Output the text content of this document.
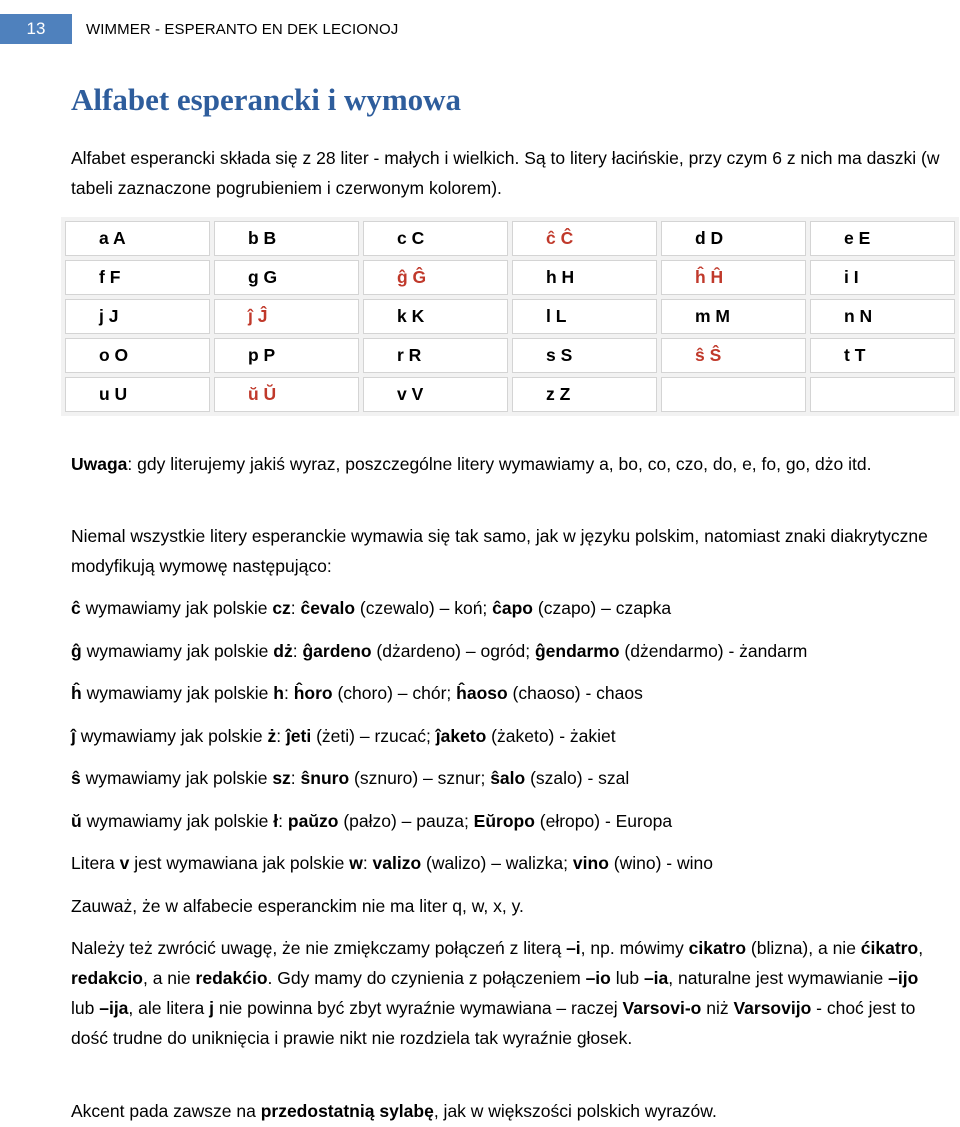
13	WIMMER - ESPERANTO EN DEK LECIONOJ
Alfabet esperancki i wymowa

Alfabet esperancki składa się z 28 liter - małych i wielkich. Są to litery łacińskie, przy czym 6 z nich ma daszki (w tabeli zaznaczone pogrubieniem i czerwonym kolorem).

a A	b B	c C	ĉ Ĉ	d D	e E
f F	g G	ĝ Ĝ	h H	ĥ Ĥ	i I
j J	ĵ Ĵ	k K	l L	m M	n N
o O	p P	r R	s S	ŝ Ŝ	t T
u U	ŭ Ŭ	v V	z Z		

Uwaga: gdy literujemy jakiś wyraz, poszczególne litery wymawiamy a, bo, co, czo, do, e, fo, go, dżo itd.

Niemal wszystkie litery esperanckie wymawia się tak samo, jak w języku polskim, natomiast znaki diakrytyczne modyfikują wymowę następująco:

ĉ wymawiamy jak polskie cz: ĉevalo (czewalo) – koń; ĉapo (czapo) – czapka

ĝ wymawiamy jak polskie dż: ĝardeno (dżardeno) – ogród; ĝendarmo (dżendarmo) - żandarm

ĥ wymawiamy jak polskie h: ĥoro (choro) – chór; ĥaoso (chaoso) - chaos

ĵ wymawiamy jak polskie ż: ĵeti (żeti) – rzucać; ĵaketo (żaketo) - żakiet

ŝ wymawiamy jak polskie sz: ŝnuro (sznuro) – sznur; ŝalo (szalo) - szal

ŭ wymawiamy jak polskie ł: paŭzo (pałzo) – pauza; Eŭropo (ełropo) - Europa

Litera v jest wymawiana jak polskie w: valizo (walizo) – walizka; vino (wino) - wino

Zauważ, że w alfabecie esperanckim nie ma liter q, w, x, y.

Należy też zwrócić uwagę, że nie zmiękczamy połączeń z literą –i, np. mówimy cikatro (blizna), a nie ćikatro, redakcio, a nie redakćio. Gdy mamy do czynienia z połączeniem –io lub –ia, naturalne jest wymawianie –ijo lub –ija, ale litera j nie powinna być zbyt wyraźnie wymawiana – raczej Varsovi-o niż Varsovijo - choć jest to dość trudne do uniknięcia i prawie nikt nie rozdziela tak wyraźnie głosek.

Akcent pada zawsze na przedostatnią sylabę, jak w większości polskich wyrazów.
